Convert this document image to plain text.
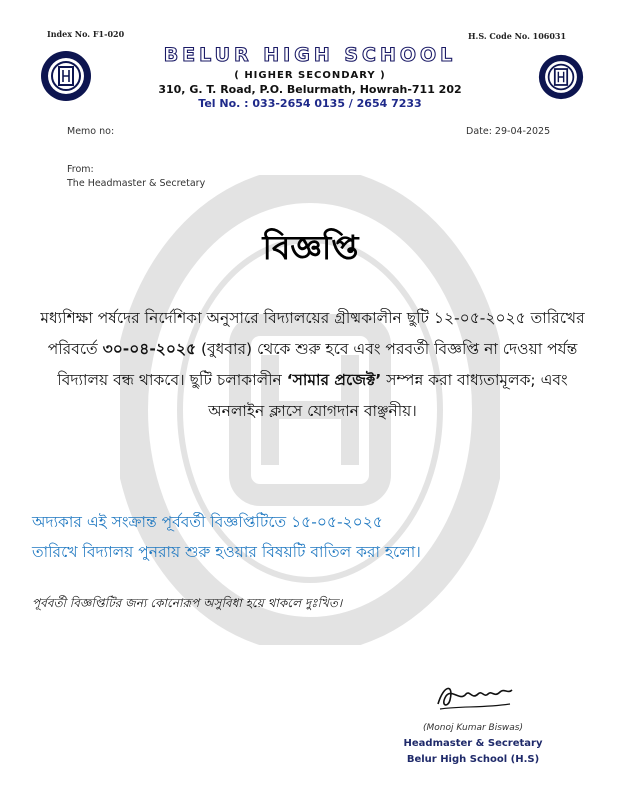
Index No. F1-020	H.S. Code No. 106031
BELUR HIGH SCHOOL
( HIGHER SECONDARY )
310, G. T. Road, P.O. Belurmath, Howrah-711 202
Tel No. : 033-2654 0135 / 2654 7233
Memo no:	Date: 29-04-2025
From:
The Headmaster & Secretary
বিজ্ঞপ্তি
মধ্যশিক্ষা পর্ষদের নির্দেশিকা অনুসারে বিদ্যালয়ের গ্রীষ্মকালীন ছুটি ১২-০৫-২০২৫ তারিখের পরিবর্তে ৩০-০৪-২০২৫ (বুধবার) থেকে শুরু হবে এবং পরবর্তী বিজ্ঞপ্তি না দেওয়া পর্যন্ত বিদ্যালয় বন্ধ থাকবে। ছুটি চলাকালীন ‘সামার প্রজেক্ট’ সম্পন্ন করা বাধ্যতামূলক; এবং অনলাইন ক্লাসে যোগদান বাঞ্ছনীয়।
অদ্যকার এই সংক্রান্ত পূর্ববর্তী বিজ্ঞপ্তিটিতে ১৫-০৫-২০২৫
তারিখে বিদ্যালয় পুনরায় শুরু হওয়ার বিষয়টি বাতিল করা হলো।
পূর্ববর্তী বিজ্ঞপ্তিটির জন্য কোনোরূপ অসুবিধা হয়ে থাকলে দুঃখিত।
(Monoj Kumar Biswas)
Headmaster & Secretary
Belur High School (H.S)
